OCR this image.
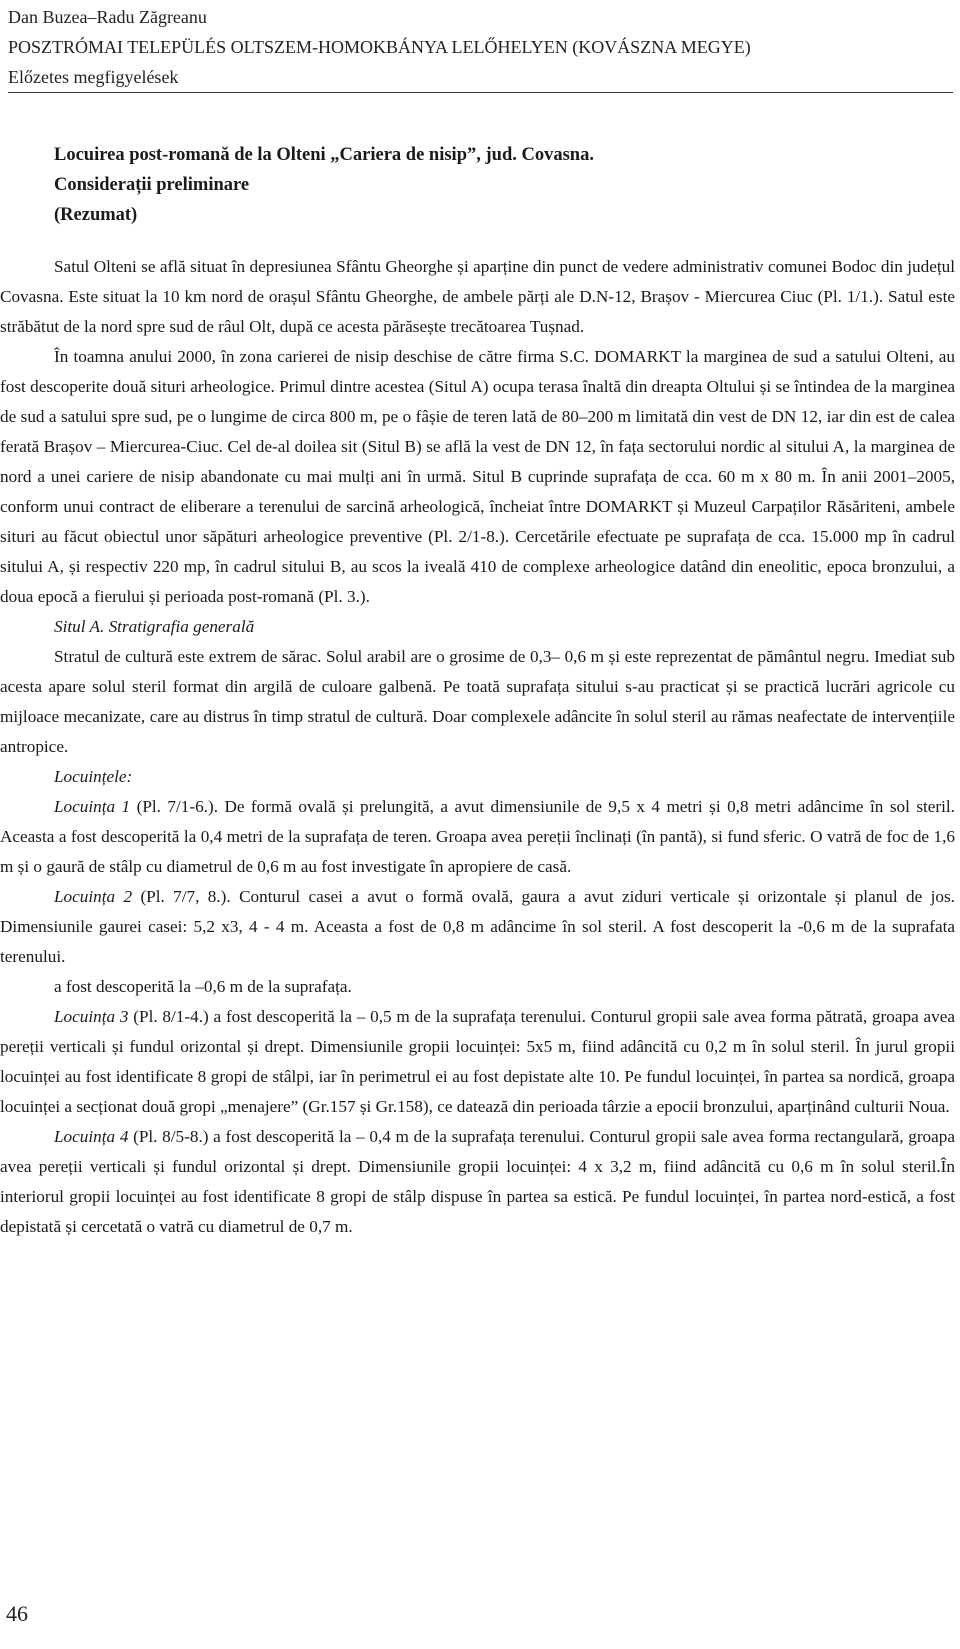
Dan Buzea–Radu Zăgreanu
POSZTRÓMAI TELEPÜLÉS OLTSZEM-HOMOKBÁNYA LELŐHELYEN (KOVÁSZNA MEGYE)
Előzetes megfigyelések
Locuirea post-romană de la Olteni „Cariera de nisip”, jud. Covasna.
Considerații preliminare
(Rezumat)

Satul Olteni se află situat în depresiunea Sfântu Gheorghe și aparține din punct de vedere administrativ comunei Bodoc din județul Covasna. Este situat la 10 km nord de orașul Sfântu Gheorghe, de ambele părți ale D.N-12, Brașov - Miercurea Ciuc (Pl. 1/1.). Satul este străbătut de la nord spre sud de râul Olt, după ce acesta părăsește trecătoarea Tușnad.

În toamna anului 2000, în zona carierei de nisip deschise de către firma S.C. DOMARKT la marginea de sud a satului Olteni, au fost descoperite două situri arheologice. Primul dintre acestea (Situl A) ocupa terasa înaltă din dreapta Oltului și se întindea de la marginea de sud a satului spre sud, pe o lungime de circa 800 m, pe o fâșie de teren lată de 80–200 m limitată din vest de DN 12, iar din est de calea ferată Brașov – Miercurea-Ciuc. Cel de-al doilea sit (Situl B) se află la vest de DN 12, în fața sectorului nordic al sitului A, la marginea de nord a unei cariere de nisip abandonate cu mai mulți ani în urmă. Situl B cuprinde suprafața de cca. 60 m x 80 m. În anii 2001–2005, conform unui contract de eliberare a terenului de sarcină arheologică, încheiat între DOMARKT și Muzeul Carpaților Răsăriteni, ambele situri au făcut obiectul unor săpături arheologice preventive (Pl. 2/1-8.). Cercetările efectuate pe suprafața de cca. 15.000 mp în cadrul sitului A, și respectiv 220 mp, în cadrul sitului B, au scos la iveală 410 de complexe arheologice datând din eneolitic, epoca bronzului, a doua epocă a fierului și perioada post-romană (Pl. 3.).

Situl A. Stratigrafia generală

Stratul de cultură este extrem de sărac. Solul arabil are o grosime de 0,3– 0,6 m și este reprezentat de pământul negru. Imediat sub acesta apare solul steril format din argilă de culoare galbenă. Pe toată suprafața sitului s-au practicat și se practică lucrări agricole cu mijloace mecanizate, care au distrus în timp stratul de cultură. Doar complexele adâncite în solul steril au rămas neafectate de intervențiile antropice.

Locuințele:

Locuința 1 (Pl. 7/1-6.). De formă ovală și prelungită, a avut dimensiunile de 9,5 x 4 metri și 0,8 metri adâncime în sol steril. Aceasta a fost descoperită la 0,4 metri de la suprafața de teren. Groapa avea pereții înclinați (în pantă), si fund sferic. O vatră de foc de 1,6 m și o gaură de stâlp cu diametrul de 0,6 m au fost investigate în apropiere de casă.

Locuința 2 (Pl. 7/7, 8.). Conturul casei a avut o formă ovală, gaura a avut ziduri verticale și orizontale și planul de jos. Dimensiunile gaurei casei: 5,2 x3, 4 - 4 m. Aceasta a fost de 0,8 m adâncime în sol steril. A fost descoperit la -0,6 m de la suprafata terenului.

a fost descoperită la –0,6 m de la suprafața.

Locuința 3 (Pl. 8/1-4.) a fost descoperită la – 0,5 m de la suprafața terenului. Conturul gropii sale avea forma pătrată, groapa avea pereții verticali și fundul orizontal și drept. Dimensiunile gropii locuinței: 5x5 m, fiind adâncită cu 0,2 m în solul steril. În jurul gropii locuinței au fost identificate 8 gropi de stâlpi, iar în perimetrul ei au fost depistate alte 10. Pe fundul locuinței, în partea sa nordică, groapa locuinței a secționat două gropi „menajere” (Gr.157 și Gr.158), ce datează din perioada târzie a epocii bronzului, aparținând culturii Noua.

Locuința 4 (Pl. 8/5-8.) a fost descoperită la – 0,4 m de la suprafața terenului. Conturul gropii sale avea forma rectangulară, groapa avea pereții verticali și fundul orizontal și drept. Dimensiunile gropii locuinței: 4 x 3,2 m, fiind adâncită cu 0,6 m în solul steril.În interiorul gropii locuinței au fost identificate 8 gropi de stâlp dispuse în partea sa estică. Pe fundul locuinței, în partea nord-estică, a fost depistată și cercetată o vatră cu diametrul de 0,7 m.

46
